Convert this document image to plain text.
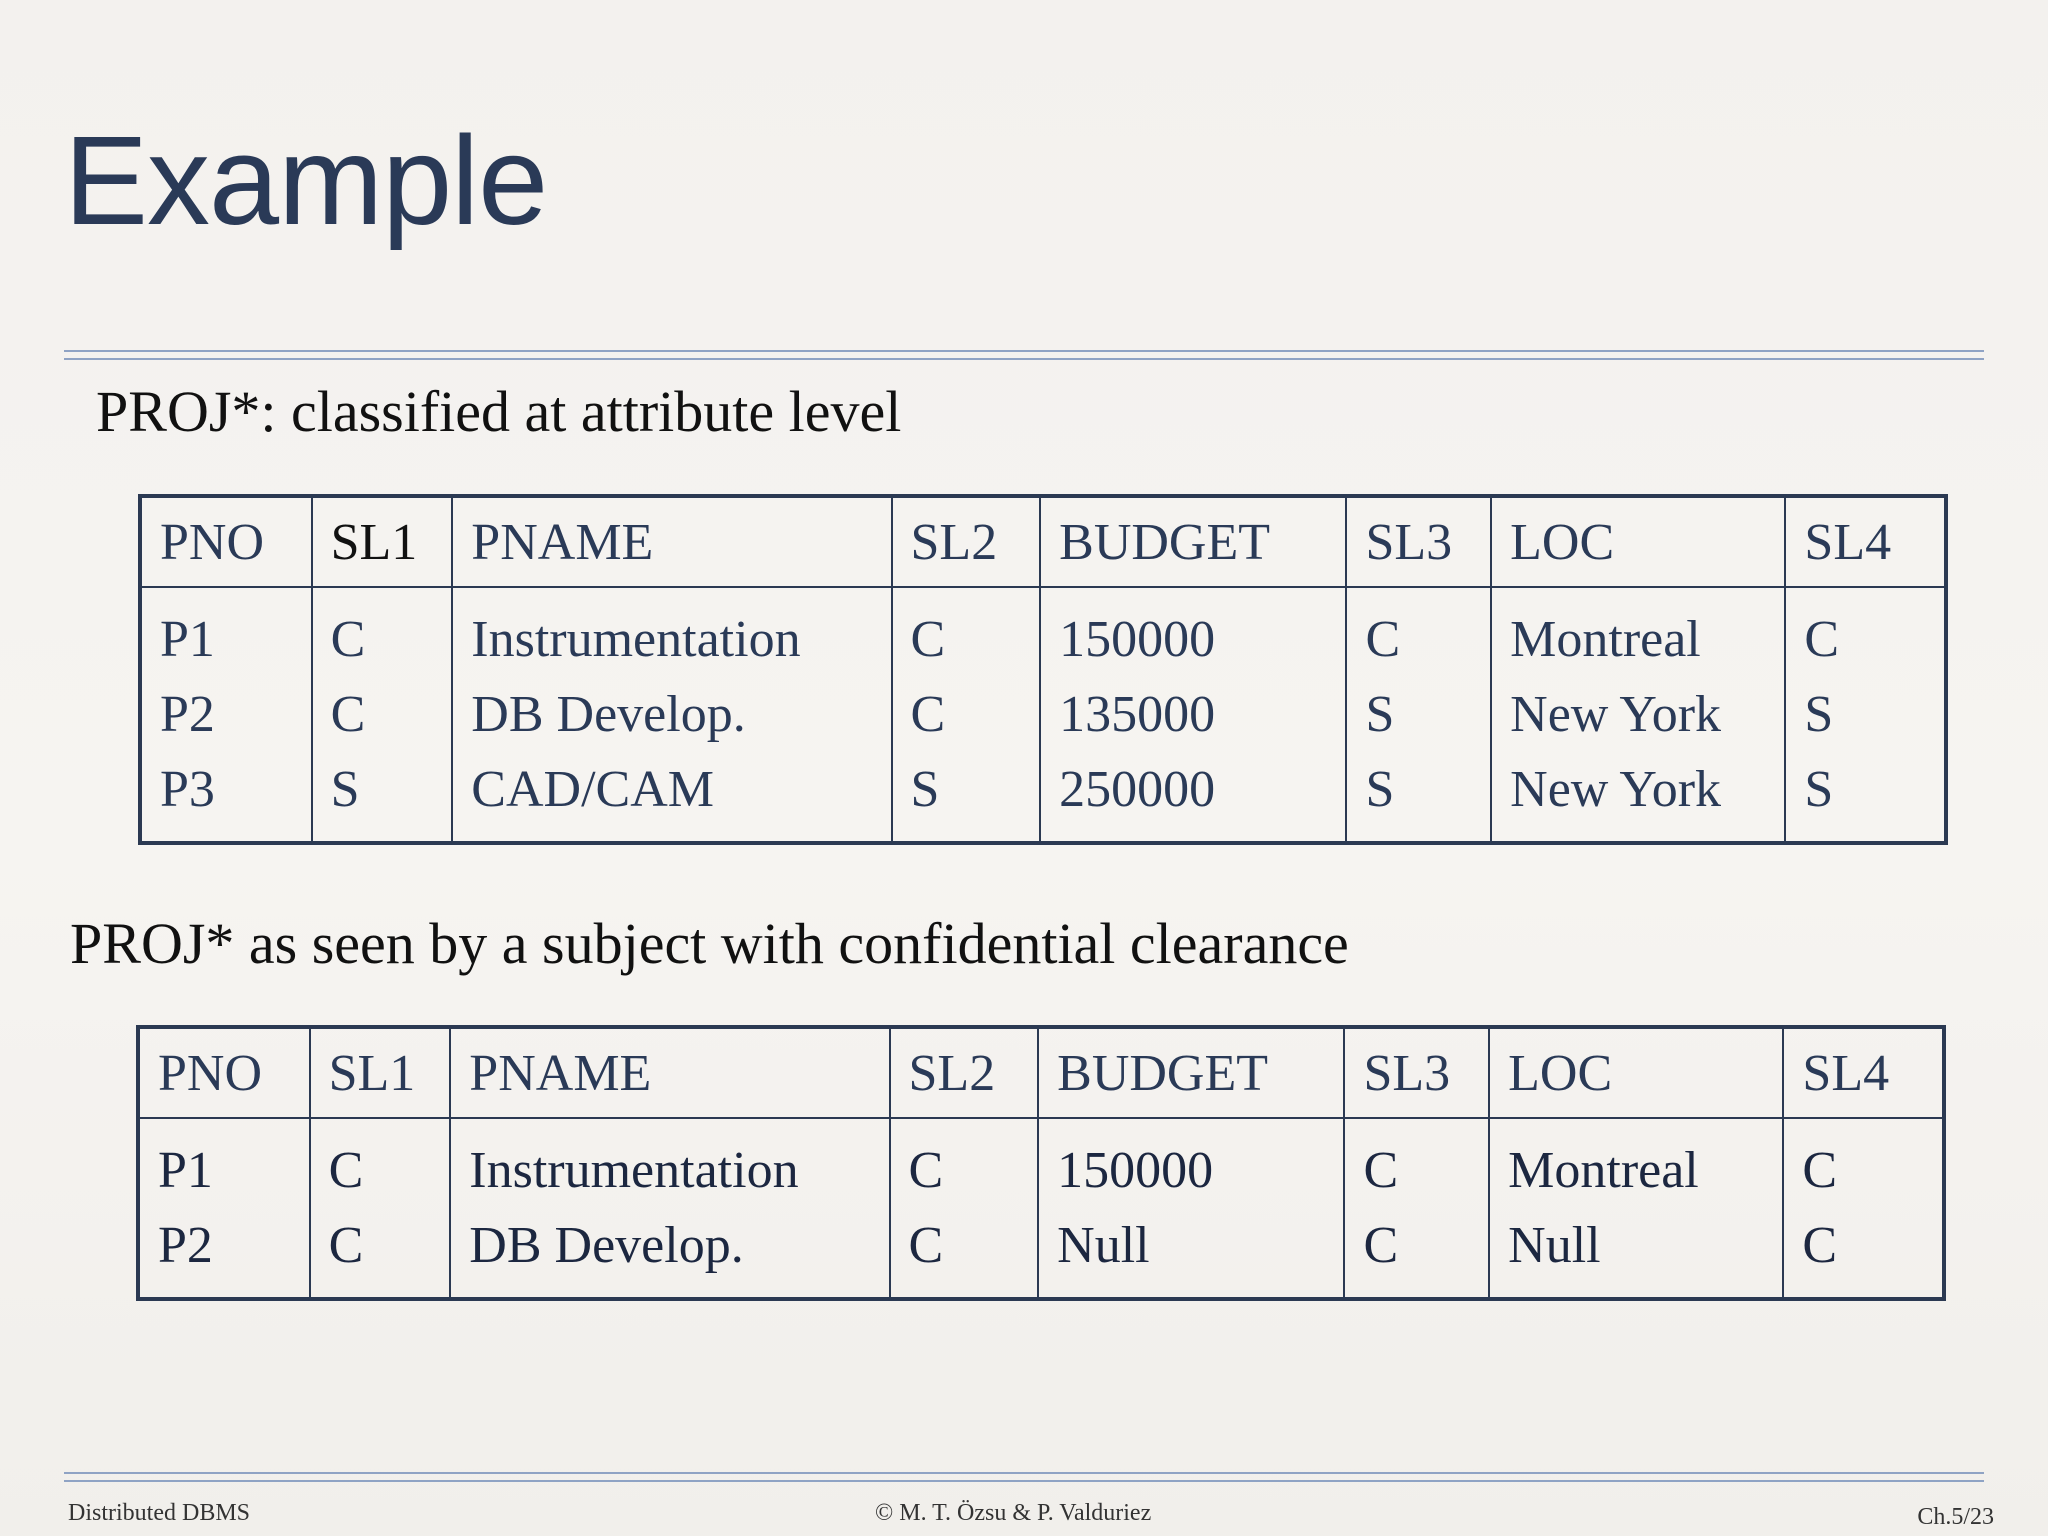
Example
PROJ*: classified at attribute level
PNO	SL1	PNAME	SL2	BUDGET	SL3	LOC	SL4
P1	C	Instrumentation	C	150000	C	Montreal	C
P2	C	DB Develop.	C	135000	S	New York	S
P3	S	CAD/CAM	S	250000	S	New York	S
PROJ* as seen by a subject with confidential clearance
PNO	SL1	PNAME	SL2	BUDGET	SL3	LOC	SL4
P1	C	Instrumentation	C	150000	C	Montreal	C
P2	C	DB Develop.	C	Null	C	Null	C
Distributed DBMS	© M. T. Özsu & P. Valduriez	Ch.5/23
